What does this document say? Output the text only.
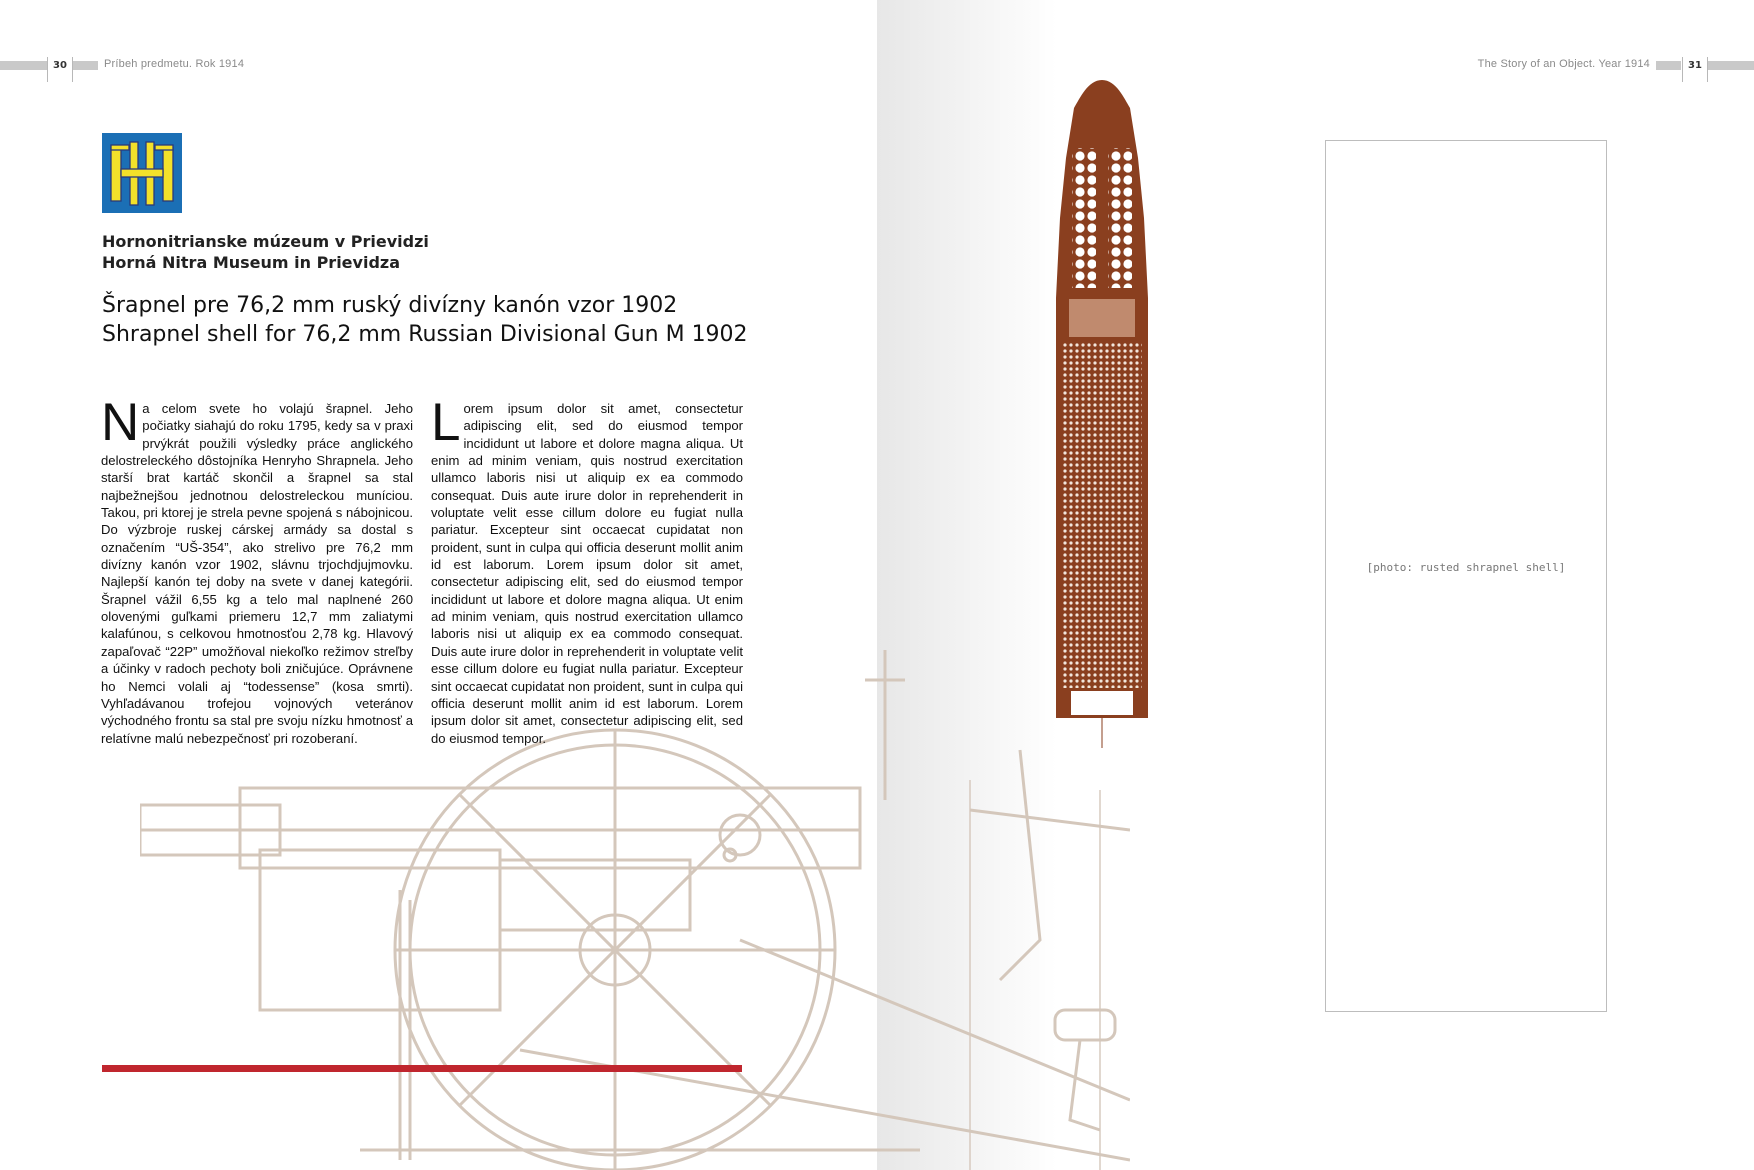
30	Príbeh predmetu. Rok 1914	The Story of an Object. Year 1914	31
Hornonitrianske múzeum v Prievidzi
Horná Nitra Museum in Prievidza
Šrapnel pre 76,2 mm ruský divízny kanón vzor 1902
Shrapnel shell for 76,2 mm Russian Divisional Gun M 1902
Na celom svete ho volajú šrapnel. Jeho počiatky siahajú do roku 1795, kedy sa v praxi prvýkrát použili výsledky práce anglického delostreleckého dôstojníka Henryho Shrapnela. Jeho starší brat kartáč skončil a šrapnel sa stal najbežnejšou jednotnou delostreleckou muníciou. Takou, pri ktorej je strela pevne spojená s nábojnicou. Do výzbroje ruskej cárskej armády sa dostal s označením “UŠ-354”, ako strelivo pre 76,2 mm divízny kanón vzor 1902, slávnu trjochdjujmovku. Najlepší kanón tej doby na svete v danej kategórii. Šrapnel vážil 6,55 kg a telo mal naplnené 260 olovenými guľkami priemeru 12,7 mm zaliatymi kalafúnou, s celkovou hmotnosťou 2,78 kg. Hlavový zapaľovač “22P” umožňoval niekoľko režimov streľby a účinky v radoch pechoty boli zničujúce. Oprávnene ho Nemci volali aj “todessense” (kosa smrti). Vyhľadávanou trofejou vojnových veteránov východného frontu sa stal pre svoju nízku hmotnosť a relatívne malú nebezpečnosť pri rozoberaní.
Lorem ipsum dolor sit amet, consectetur adipiscing elit, sed do eiusmod tempor incididunt ut labore et dolore magna aliqua. Ut enim ad minim veniam, quis nostrud exercitation ullamco laboris nisi ut aliquip ex ea commodo consequat. Duis aute irure dolor in reprehenderit in voluptate velit esse cillum dolore eu fugiat nulla pariatur. Excepteur sint occaecat cupidatat non proident, sunt in culpa qui officia deserunt mollit anim id est laborum. Lorem ipsum dolor sit amet, consectetur adipiscing elit, sed do eiusmod tempor incididunt ut labore et dolore magna aliqua. Ut enim ad minim veniam, quis nostrud exercitation ullamco laboris nisi ut aliquip ex ea commodo consequat. Duis aute irure dolor in reprehenderit in voluptate velit esse cillum dolore eu fugiat nulla pariatur. Excepteur sint occaecat cupidatat non proident, sunt in culpa qui officia deserunt mollit anim id est laborum. Lorem ipsum dolor sit amet, consectetur adipiscing elit, sed do eiusmod tempor.
[photo: rusted shrapnel shell]
